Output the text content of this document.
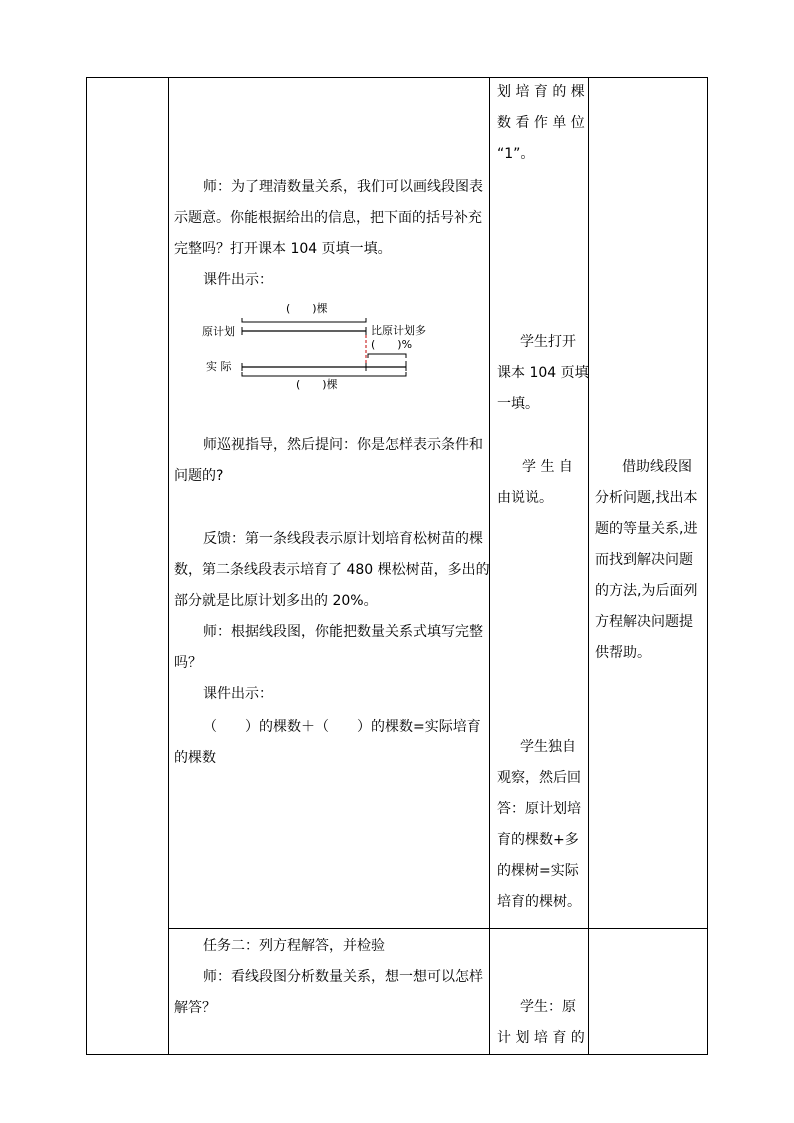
师：为了理清数量关系，我们可以画线段图表
示题意。你能根据给出的信息，把下面的括号补充
完整吗？打开课本 104 页填一填。
课件出示：
(　　)棵
原计划
实 际
比原计划多
(　　)%
(　　)棵
师巡视指导，然后提问：你是怎样表示条件和
问题的?
反馈：第一条线段表示原计划培育松树苗的棵
数，第二条线段表示培育了 480 棵松树苗，多出的
部分就是比原计划多出的 20%。
师：根据线段图，你能把数量关系式填写完整
吗？
课件出示：
（　　）的棵数＋（　　）的棵数=实际培育
的棵数
任务二：列方程解答，并检验
师：看线段图分析数量关系，想一想可以怎样
解答？
划 培 育 的 棵
数 看 作 单 位
“1”。
学生打开
课本 104 页填
一填。
学 生 自
由说说。
学生独自
观察，然后回
答：原计划培
育的棵数+多
的棵树=实际
培育的棵树。
学生：原
计 划 培 育 的
借助线段图
分析问题,找出本
题的等量关系,进
而找到解决问题
的方法,为后面列
方程解决问题提
供帮助。
